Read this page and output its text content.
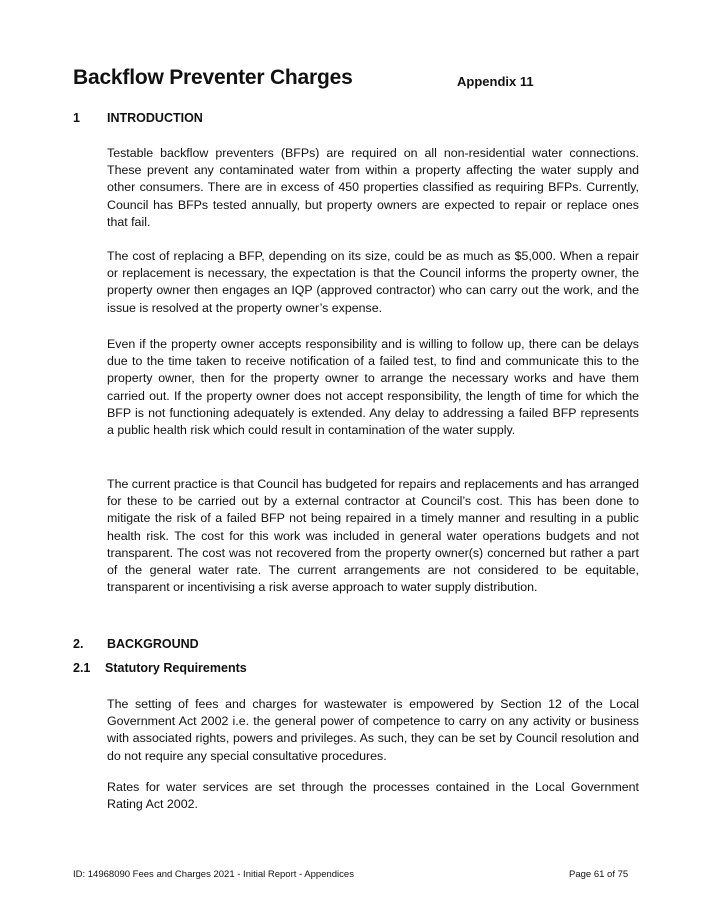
Backflow Preventer Charges	Appendix 11
1 INTRODUCTION

Testable backflow preventers (BFPs) are required on all non-residential water connections. These prevent any contaminated water from within a property affecting the water supply and other consumers. There are in excess of 450 properties classified as requiring BFPs. Currently, Council has BFPs tested annually, but property owners are expected to repair or replace ones that fail.

The cost of replacing a BFP, depending on its size, could be as much as $5,000. When a repair or replacement is necessary, the expectation is that the Council informs the property owner, the property owner then engages an IQP (approved contractor) who can carry out the work, and the issue is resolved at the property owner’s expense.

Even if the property owner accepts responsibility and is willing to follow up, there can be delays due to the time taken to receive notification of a failed test, to find and communicate this to the property owner, then for the property owner to arrange the necessary works and have them carried out. If the property owner does not accept responsibility, the length of time for which the BFP is not functioning adequately is extended. Any delay to addressing a failed BFP represents a public health risk which could result in contamination of the water supply.

The current practice is that Council has budgeted for repairs and replacements and has arranged for these to be carried out by a external contractor at Council’s cost. This has been done to mitigate the risk of a failed BFP not being repaired in a timely manner and resulting in a public health risk. The cost for this work was included in general water operations budgets and not transparent. The cost was not recovered from the property owner(s) concerned but rather a part of the general water rate. The current arrangements are not considered to be equitable, transparent or incentivising a risk averse approach to water supply distribution.

2. BACKGROUND
2.1 Statutory Requirements

The setting of fees and charges for wastewater is empowered by Section 12 of the Local Government Act 2002 i.e. the general power of competence to carry on any activity or business with associated rights, powers and privileges. As such, they can be set by Council resolution and do not require any special consultative procedures.

Rates for water services are set through the processes contained in the Local Government Rating Act 2002.

ID: 14968090 Fees and Charges 2021 - Initial Report - Appendices	Page 61 of 75
